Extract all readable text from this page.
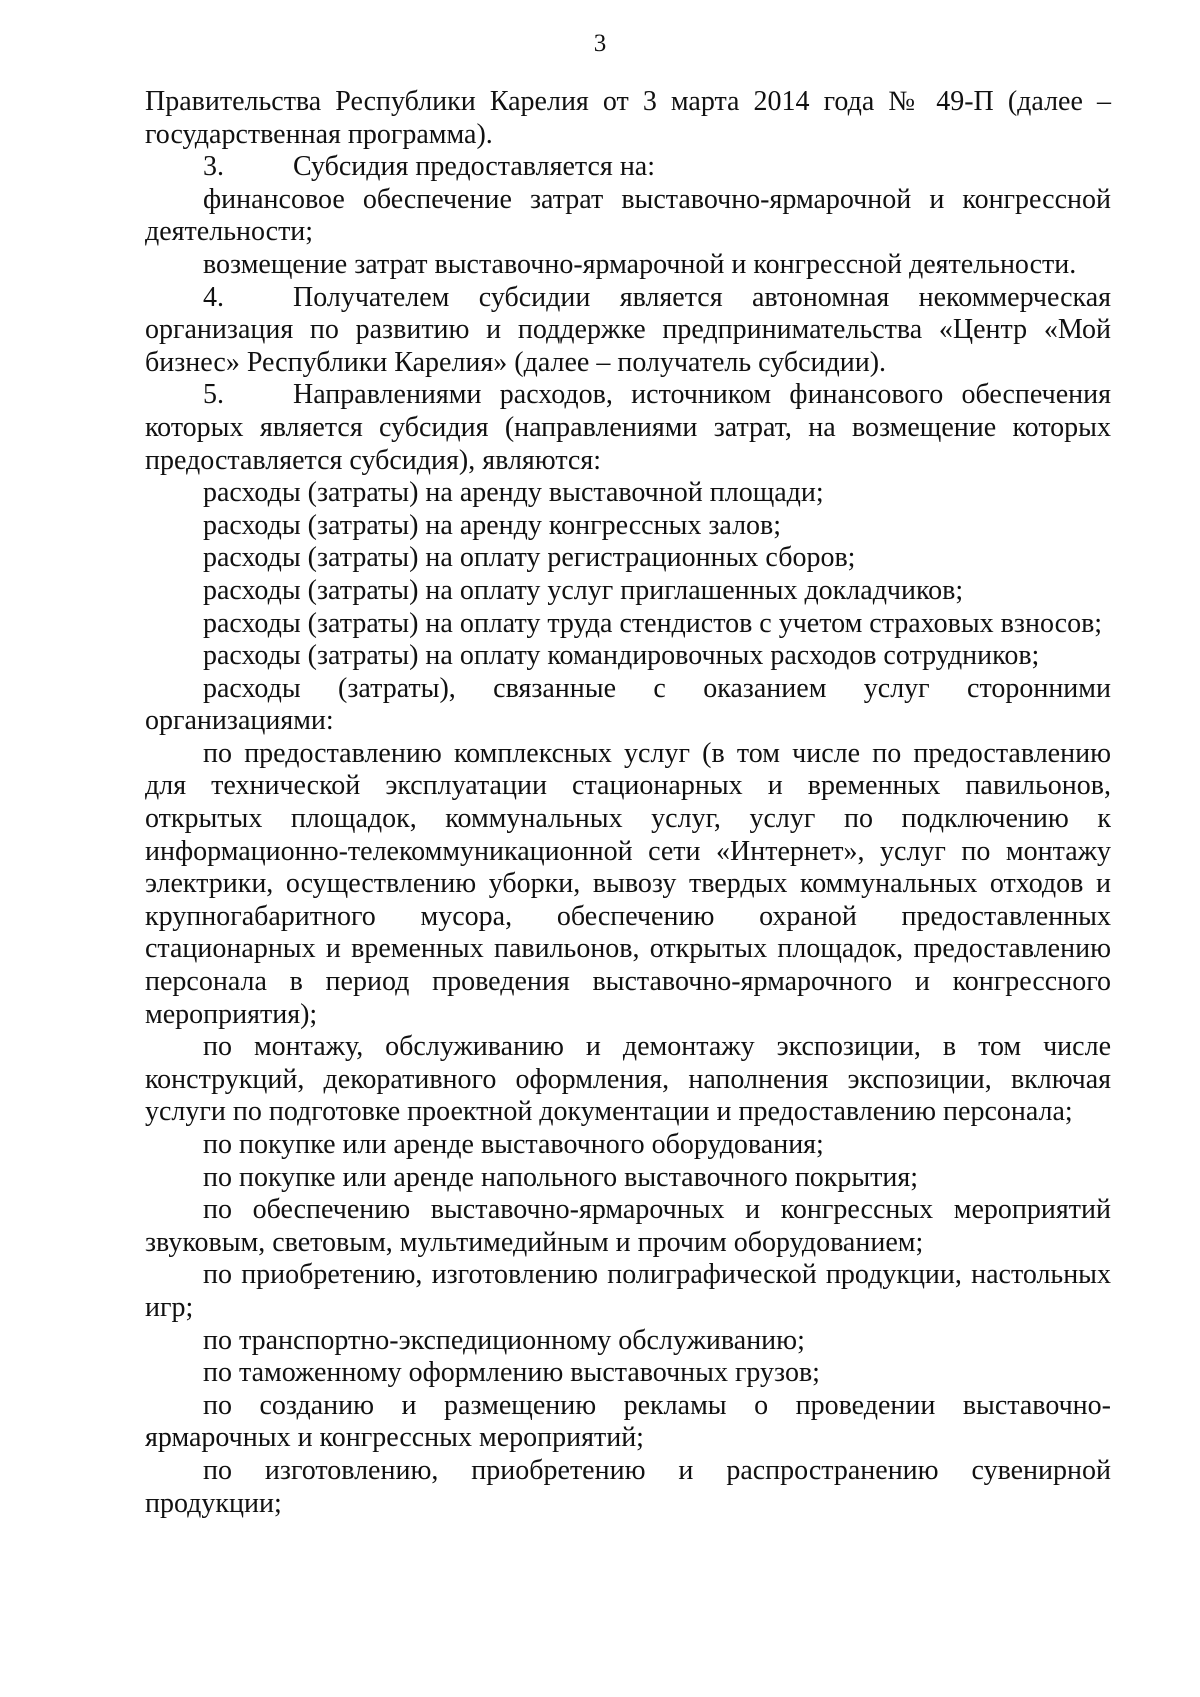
3

Правительства Республики Карелия от 3 марта 2014 года № 49-П (далее – государственная программа).

3. Субсидия предоставляется на:

финансовое обеспечение затрат выставочно-ярмарочной и конгрессной деятельности;

возмещение затрат выставочно-ярмарочной и конгрессной деятельности.

4. Получателем субсидии является автономная некоммерческая организация по развитию и поддержке предпринимательства «Центр «Мой бизнес» Республики Карелия» (далее – получатель субсидии).

5. Направлениями расходов, источником финансового обеспечения которых является субсидия (направлениями затрат, на возмещение которых предоставляется субсидия), являются:

расходы (затраты) на аренду выставочной площади;

расходы (затраты) на аренду конгрессных залов;

расходы (затраты) на оплату регистрационных сборов;

расходы (затраты) на оплату услуг приглашенных докладчиков;

расходы (затраты) на оплату труда стендистов с учетом страховых взносов;

расходы (затраты) на оплату командировочных расходов сотрудников;

расходы (затраты), связанные с оказанием услуг сторонними организациями:

по предоставлению комплексных услуг (в том числе по предоставлению для технической эксплуатации стационарных и временных павильонов, открытых площадок, коммунальных услуг, услуг по подключению к информационно-телекоммуникационной сети «Интернет», услуг по монтажу электрики, осуществлению уборки, вывозу твердых коммунальных отходов и крупногабаритного мусора, обеспечению охраной предоставленных стационарных и временных павильонов, открытых площадок, предоставлению персонала в период проведения выставочно-ярмарочного и конгрессного мероприятия);

по монтажу, обслуживанию и демонтажу экспозиции, в том числе конструкций, декоративного оформления, наполнения экспозиции, включая услуги по подготовке проектной документации и предоставлению персонала;

по покупке или аренде выставочного оборудования;

по покупке или аренде напольного выставочного покрытия;

по обеспечению выставочно-ярмарочных и конгрессных мероприятий звуковым, световым, мультимедийным и прочим оборудованием;

по приобретению, изготовлению полиграфической продукции, настольных игр;

по транспортно-экспедиционному обслуживанию;

по таможенному оформлению выставочных грузов;

по созданию и размещению рекламы о проведении выставочно-ярмарочных и конгрессных мероприятий;

по изготовлению, приобретению и распространению сувенирной продукции;
